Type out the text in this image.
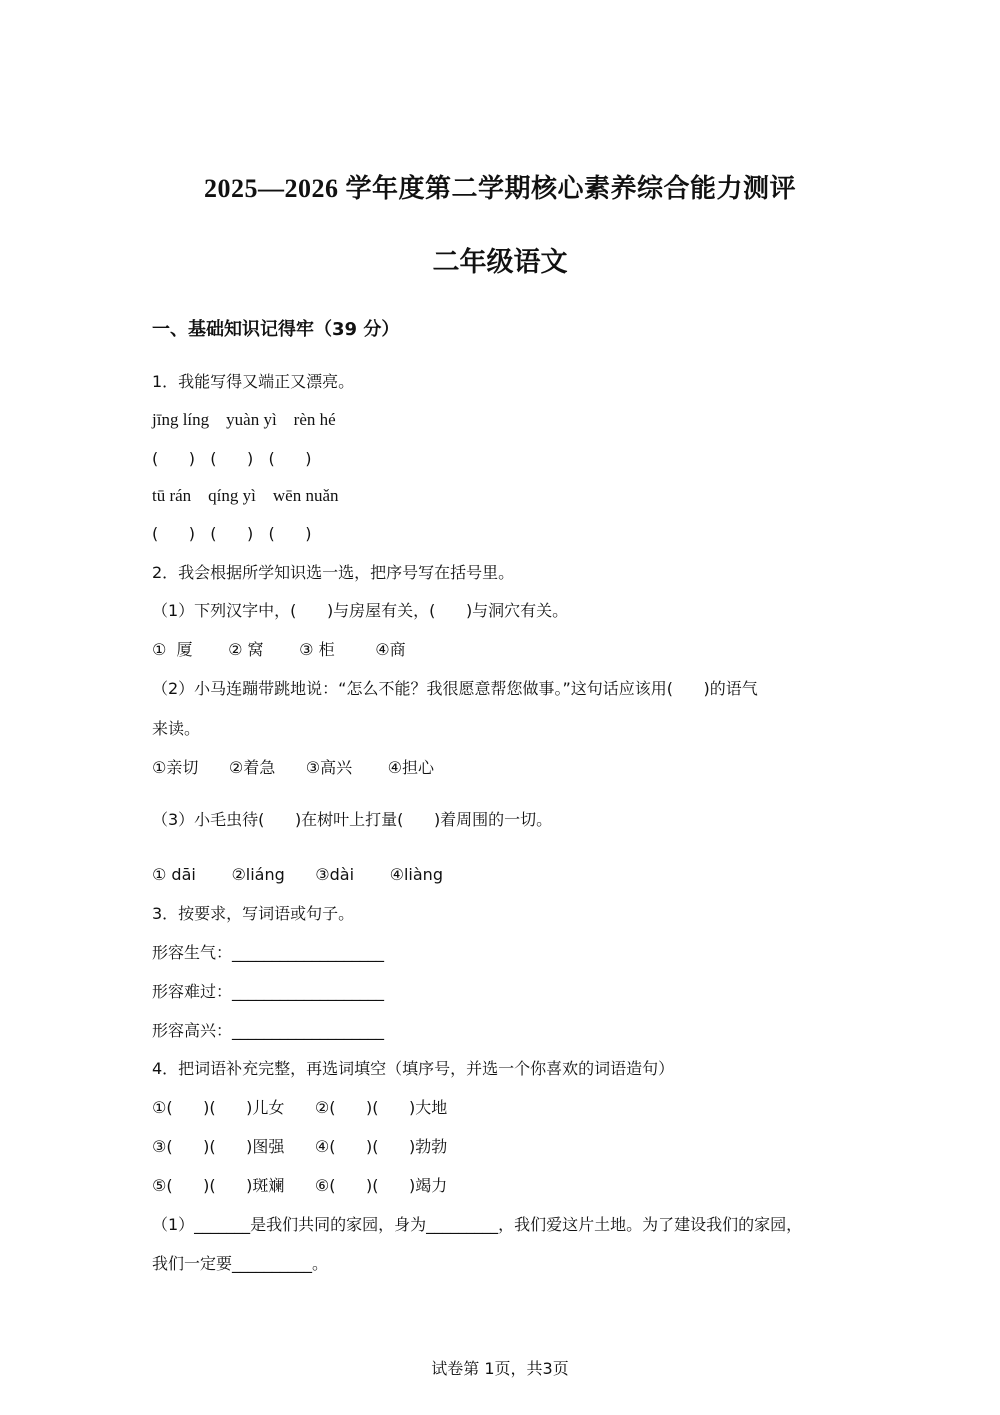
2025—2026 学年度第二学期核心素养综合能力测评
二年级语文
一、基础知识记得牢（39 分）
1．我能写得又端正又漂亮。
jīng líng    yuàn yì    rèn hé
(      )   (      )   (      )
tū rán    qíng yì    wēn nuǎn
(      )   (      )   (      )
2．我会根据所学知识选一选，把序号写在括号里。
（1）下列汉字中，(      )与房屋有关，(      )与洞穴有关。
①  厦       ② 窝       ③ 柜        ④商
（2）小马连蹦带跳地说：“怎么不能？我很愿意帮您做事。”这句话应该用(      )的语气
来读。
①亲切      ②着急      ③高兴       ④担心
（3）小毛虫待(      )在树叶上打量(      )着周围的一切。
① dāi       ②liáng      ③dài       ④liàng
3．按要求，写词语或句子。
形容生气：___________________
形容难过：___________________
形容高兴：___________________
4．把词语补充完整，再选词填空（填序号，并选一个你喜欢的词语造句）
①(      )(      )儿女      ②(      )(      )大地
③(      )(      )图强      ④(      )(      )勃勃
⑤(      )(      )斑斓      ⑥(      )(      )竭力
（1）_______是我们共同的家园，身为_________，我们爱这片土地。为了建设我们的家园，
我们一定要__________。
试卷第 1页，共3页
